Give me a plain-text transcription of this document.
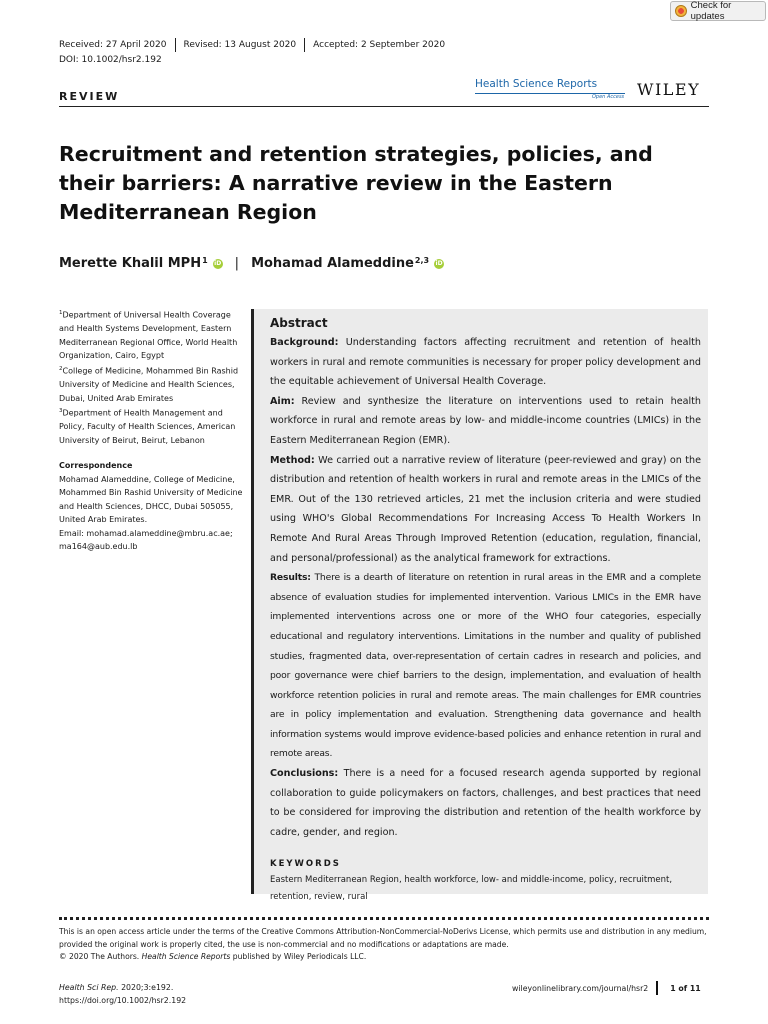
Check for updates
Received: 27 April 2020 Revised: 13 August 2020 Accepted: 2 September 2020
DOI: 10.1002/hsr2.192
REVIEW
Health Science Reports
Open Access WILEY
Recruitment and retention strategies, policies, and their barriers: A narrative review in the Eastern Mediterranean Region
Merette Khalil MPH$^1$ iD | Mohamad Alameddine$^{2,3}$ iD
$^1$Department of Universal Health Coverage and Health Systems Development, Eastern Mediterranean Regional Office, World Health Organization, Cairo, Egypt
$^2$College of Medicine, Mohammed Bin Rashid University of Medicine and Health Sciences, Dubai, United Arab Emirates
$^3$Department of Health Management and Policy, Faculty of Health Sciences, American University of Beirut, Beirut, Lebanon
Correspondence
Mohamad Alameddine, College of Medicine, Mohammed Bin Rashid University of Medicine and Health Sciences, DHCC, Dubai 505055, United Arab Emirates.
Email: mohamad.alameddine@mbru.ac.ae; ma164@aub.edu.lb
Abstract

Background: Understanding factors affecting recruitment and retention of health workers in rural and remote communities is necessary for proper policy development and the equitable achievement of Universal Health Coverage.

Aim: Review and synthesize the literature on interventions used to retain health workforce in rural and remote areas by low- and middle-income countries (LMICs) in the Eastern Mediterranean Region (EMR).

Method: We carried out a narrative review of literature (peer-reviewed and gray) on the distribution and retention of health workers in rural and remote areas in the LMICs of the EMR. Out of the 130 retrieved articles, 21 met the inclusion criteria and were studied using WHO's Global Recommendations For Increasing Access To Health Workers In Remote And Rural Areas Through Improved Retention (education, regulation, financial, and personal/professional) as the analytical framework for extractions.

Results: There is a dearth of literature on retention in rural areas in the EMR and a complete absence of evaluation studies for implemented intervention. Various LMICs in the EMR have implemented interventions across one or more of the WHO four categories, especially educational and regulatory interventions. Limitations in the number and quality of published studies, fragmented data, over-representation of certain cadres in research and policies, and poor governance were chief barriers to the design, implementation, and evaluation of health workforce retention policies in rural and remote areas. The main challenges for EMR countries are in policy implementation and evaluation. Strengthening data governance and health information systems would improve evidence-based policies and enhance retention in rural and remote areas.

Conclusions: There is a need for a focused research agenda supported by regional collaboration to guide policymakers on factors, challenges, and best practices that need to be considered for improving the distribution and retention of the health workforce by cadre, gender, and region.

KEYWORDS
Eastern Mediterranean Region, health workforce, low- and middle-income, policy, recruitment, retention, review, rural
This is an open access article under the terms of the Creative Commons Attribution-NonCommercial-NoDerivs License, which permits use and distribution in any medium, provided the original work is properly cited, the use is non-commercial and no modifications or adaptations are made.
© 2020 The Authors. Health Science Reports published by Wiley Periodicals LLC.
Health Sci Rep. 2020;3:e192.
https://doi.org/10.1002/hsr2.192
wileyonlinelibrary.com/journal/hsr2	1 of 11
